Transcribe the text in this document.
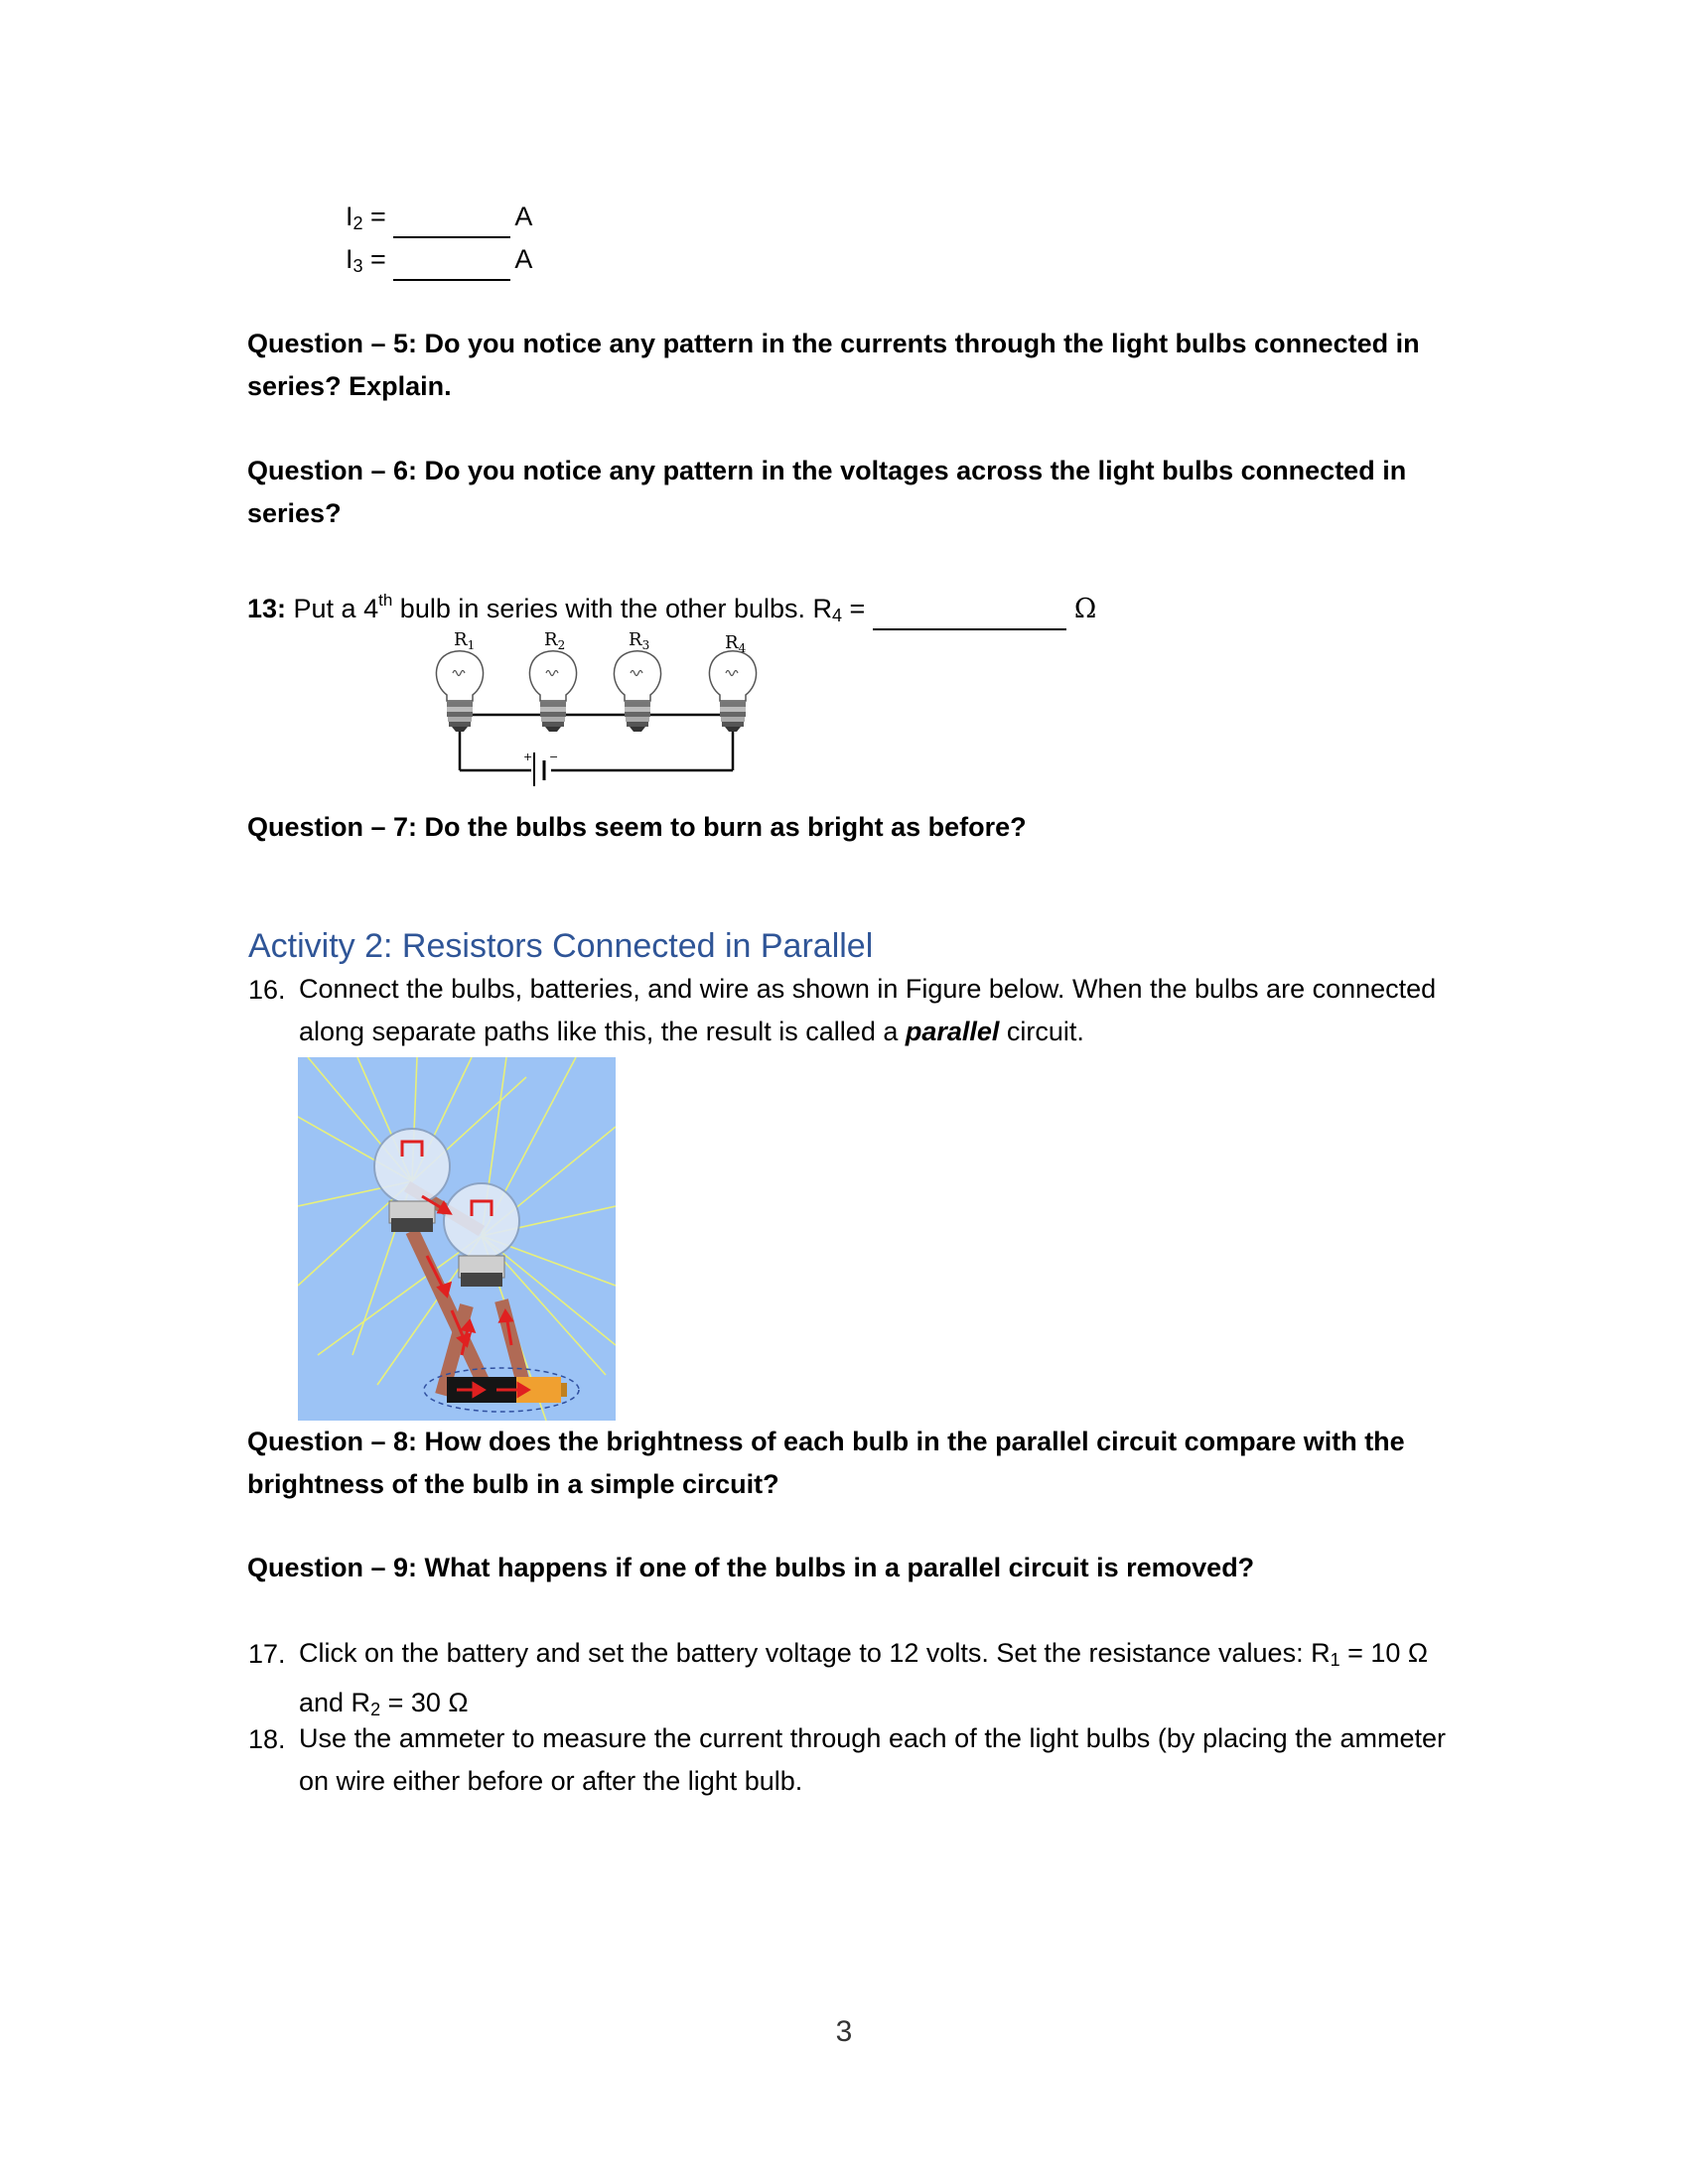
$I_2$ =	A
$I_3$ =	A
Question – 5: Do you notice any pattern in the currents through the light bulbs connected in series? Explain.
Question – 6: Do you notice any pattern in the voltages across the light bulbs connected in series?
13: Put a 4th bulb in series with the other bulbs. $R_4$ =	Ω
+ −
$R_1$	$R_2$	$R_3$	$R_4$
Question – 7: Do the bulbs seem to burn as bright as before?
Activity 2: Resistors Connected in Parallel
16. Connect the bulbs, batteries, and wire as shown in Figure below. When the bulbs are connected along separate paths like this, the result is called a parallel circuit.
Question – 8: How does the brightness of each bulb in the parallel circuit compare with the brightness of the bulb in a simple circuit?
Question – 9: What happens if one of the bulbs in a parallel circuit is removed?
17. Click on the battery and set the battery voltage to 12 volts. Set the resistance values: $R_1 = 10$ Ω and $R_2 = 30$ Ω
18. Use the ammeter to measure the current through each of the light bulbs (by placing the ammeter on wire either before or after the light bulb.
3
